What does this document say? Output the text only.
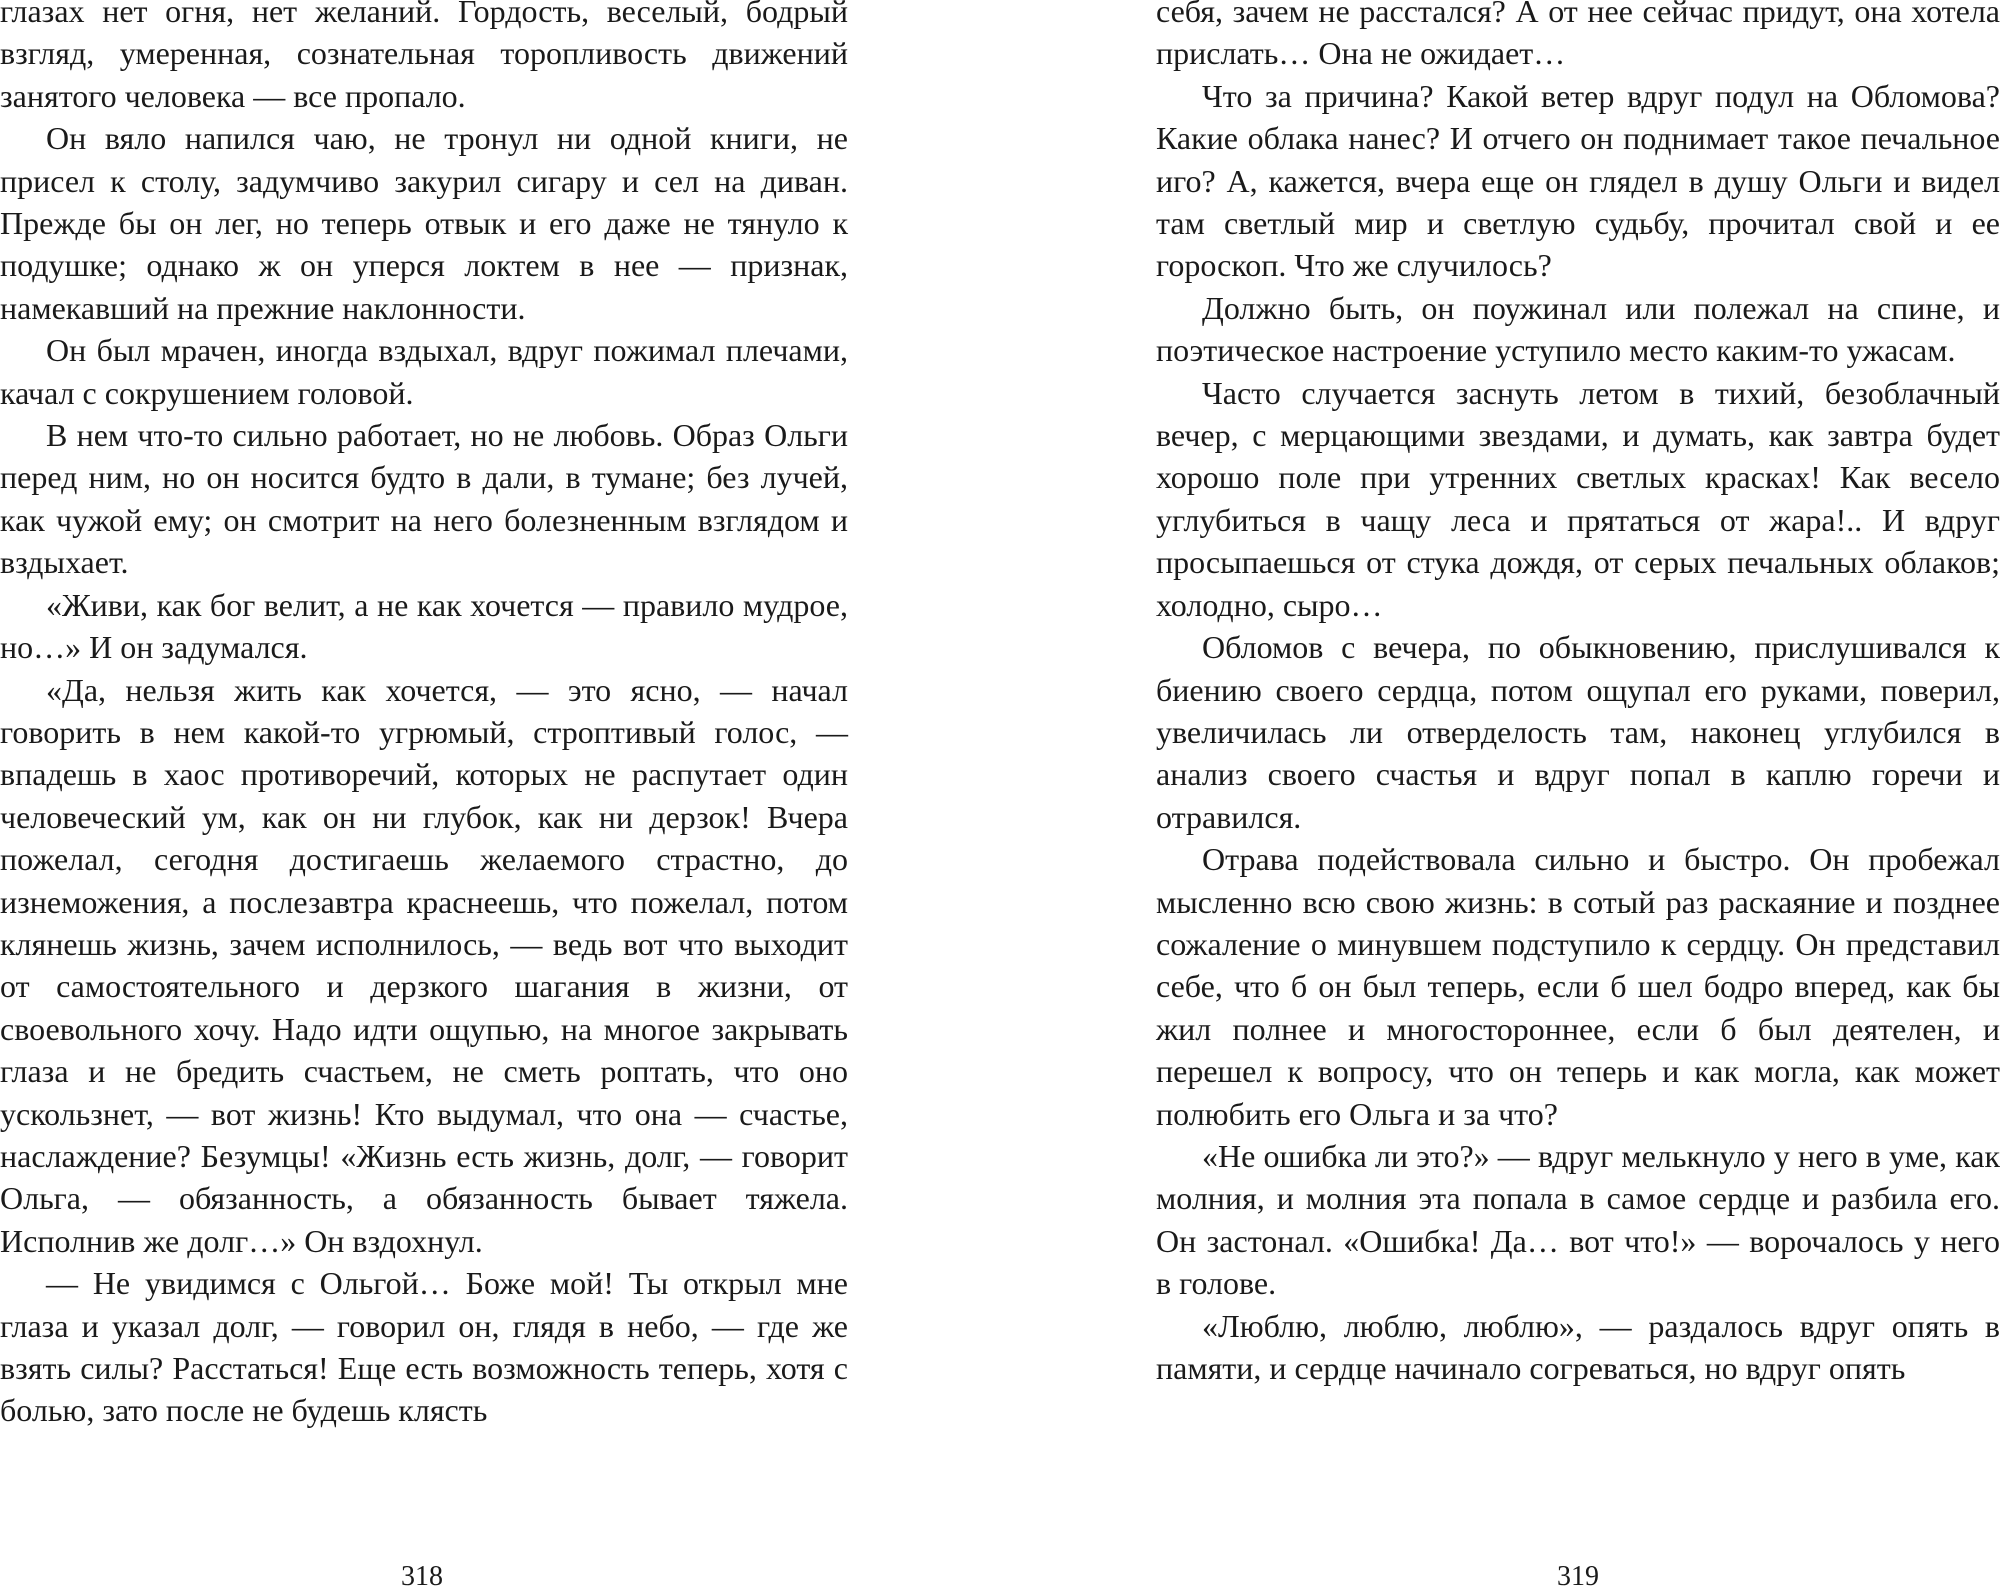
глазах нет огня, нет желаний. Гордость, веселый, бодрый взгляд, умеренная, сознательная торопливость движений занятого человека — все пропало.

Он вяло напился чаю, не тронул ни одной книги, не присел к столу, задумчиво закурил сигару и сел на диван. Прежде бы он лег, но теперь отвык и его даже не тянуло к подушке; однако ж он уперся локтем в нее — признак, намекавший на прежние наклонности.

Он был мрачен, иногда вздыхал, вдруг пожимал плечами, качал с сокрушением головой.

В нем что-то сильно работает, но не любовь. Образ Ольги перед ним, но он носится будто в дали, в тумане; без лучей, как чужой ему; он смотрит на него болезненным взглядом и вздыхает.

«Живи, как бог велит, а не как хочется — правило мудрое, но…» И он задумался.

«Да, нельзя жить как хочется, — это ясно, — начал говорить в нем какой-то угрюмый, строптивый голос, — впадешь в хаос противоречий, которых не распутает один человеческий ум, как он ни глубок, как ни дерзок! Вчера пожелал, сегодня достигаешь желаемого страстно, до изнеможения, а послезавтра краснеешь, что пожелал, потом клянешь жизнь, зачем исполнилось, — ведь вот что выходит от самостоятельного и дерзкого шагания в жизни, от своевольного хочу. Надо идти ощупью, на многое закрывать глаза и не бредить счастьем, не сметь роптать, что оно ускользнет, — вот жизнь! Кто выдумал, что она — счастье, наслаждение? Безумцы! «Жизнь есть жизнь, долг, — говорит Ольга, — обязанность, а обязанность бывает тяжела. Исполнив же долг…» Он вздохнул.

— Не увидимся с Ольгой… Боже мой! Ты открыл мне глаза и указал долг, — говорил он, глядя в небо, — где же взять силы? Расстаться! Еще есть возможность теперь, хотя с болью, зато после не будешь клясть

себя, зачем не расстался? А от нее сейчас придут, она хотела прислать… Она не ожидает…

Что за причина? Какой ветер вдруг подул на Обломова? Какие облака нанес? И отчего он поднимает такое печальное иго? А, кажется, вчера еще он глядел в душу Ольги и видел там светлый мир и светлую судьбу, прочитал свой и ее гороскоп. Что же случилось?

Должно быть, он поужинал или полежал на спине, и поэтическое настроение уступило место каким-то ужасам.

Часто случается заснуть летом в тихий, безоблачный вечер, с мерцающими звездами, и думать, как завтра будет хорошо поле при утренних светлых красках! Как весело углубиться в чащу леса и прятаться от жара!.. И вдруг просыпаешься от стука дождя, от серых печальных облаков; холодно, сыро…

Обломов с вечера, по обыкновению, прислушивался к биению своего сердца, потом ощупал его руками, поверил, увеличилась ли отверделость там, наконец углубился в анализ своего счастья и вдруг попал в каплю горечи и отравился.

Отрава подействовала сильно и быстро. Он пробежал мысленно всю свою жизнь: в сотый раз раскаяние и позднее сожаление о минувшем подступило к сердцу. Он представил себе, что б он был теперь, если б шел бодро вперед, как бы жил полнее и многостороннее, если б был деятелен, и перешел к вопросу, что он теперь и как могла, как может полюбить его Ольга и за что?

«Не ошибка ли это?» — вдруг мелькнуло у него в уме, как молния, и молния эта попала в самое сердце и разбила его. Он застонал. «Ошибка! Да… вот что!» — ворочалось у него в голове.

«Люблю, люблю, люблю», — раздалось вдруг опять в памяти, и сердце начинало согреваться, но вдруг опять

318	319
